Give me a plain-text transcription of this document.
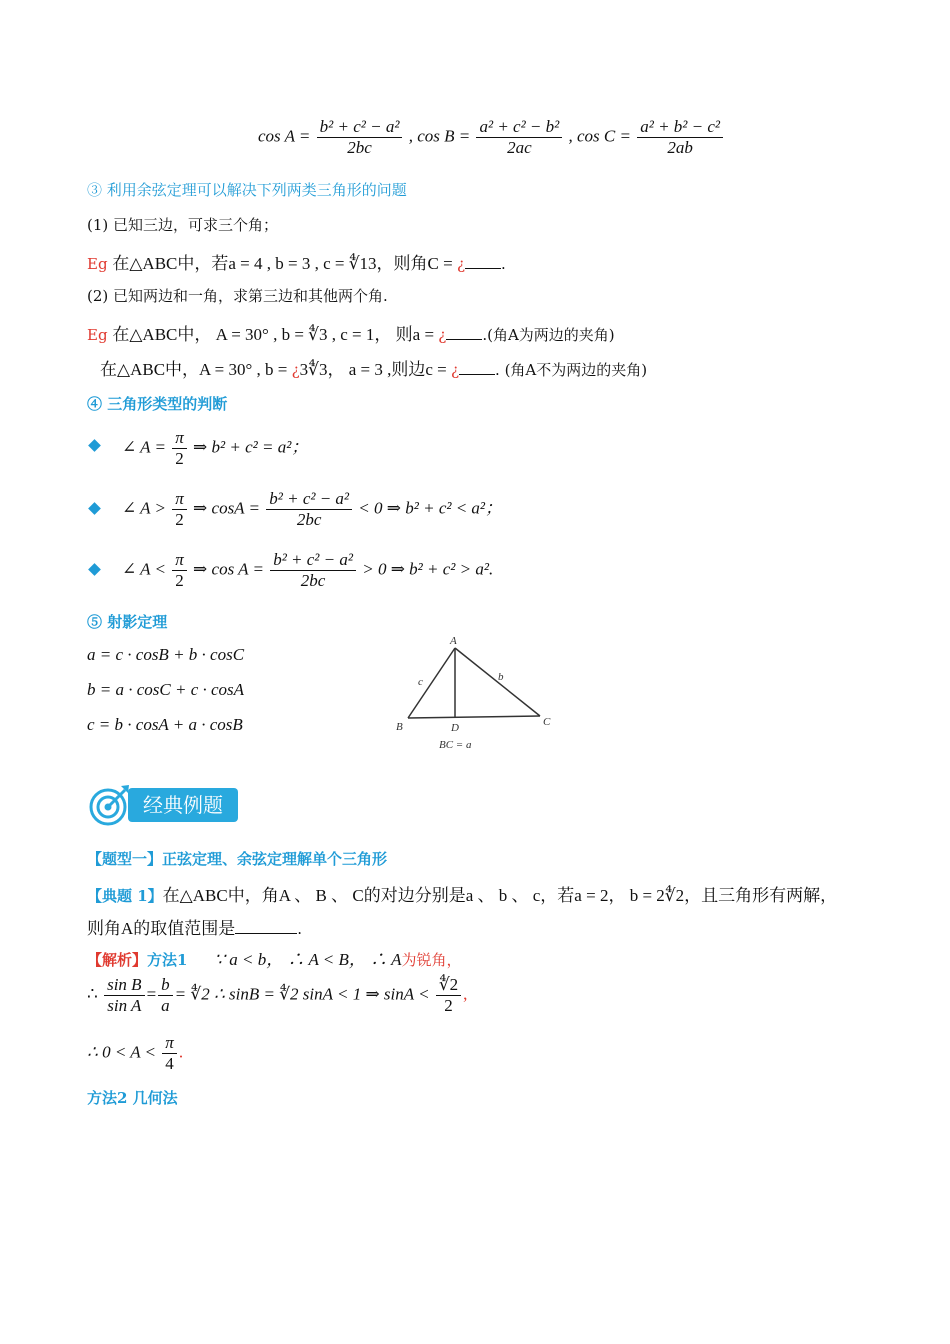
$\cos A = \frac{\text{b² + c² − a²}}{2bc}$ , $\cos B = \frac{\text{a² + c² − b²}}{2ac}$ , $\cos C = \frac{\text{a² + b² − c²}}{2ab}$
③ 利用余弦定理可以解决下列两类三角形的问题
(1) 已知三边，可求三个角；
Eg 在△ABC中，若a = 4 , b = 3 , c = ∜13，则角C = ¿ .
(2) 已知两边和一角，求第三边和其他两个角.
Eg 在△ABC中， A = 30° , b = ∜3 , c = 1， 则a = ¿ .(角A为两边的夹角)
在△ABC中，A = 30° , b = ¿3∜3， a = 3 ,则边c = ¿ . (角A不为两边的夹角)
④ 三角形类型的判断
∠ $A = \frac{\pi}{2}$ ⇒ b² + c² = a²；
∠ $A > \frac{\pi}{2}$ ⇒ $\cos A = \frac{\text{b² + c² − a²}}{2bc} < 0$ ⇒ b² + c² < a²；
∠ $A < \frac{\pi}{2}$ ⇒ $\cos A = \frac{\text{b² + c² − a²}}{2bc} > 0$ ⇒ b² + c² > a².
⑤ 射影定理
a = c · cosB + b · cosC
b = a · cosC + c · cosA
c = b · cosA + a · cosB
A
B	C
D
b
c
BC = a
经典例题
【题型一】正弦定理、余弦定理解单个三角形
【典题 1】在△ABC中，角A 、 B 、 C的对边分别是a 、 b 、 c，若a = 2， b = 2∜2，且三角形有两解，
则角A的取值范围是	.
【解析】方法1 ∵ a < b， ∴ A < B， ∴ A为锐角，
∴ $\frac{\text{sin B}}{\text{sin A}} = \frac{b}{a}$ = ∜2 ∴ sinB = ∜2 sinA < 1 ⇒ $\sin A < \frac{∜2}{2}$ ,
∴ $0 < A < \frac{\pi}{4}$ .
方法2 几何法
